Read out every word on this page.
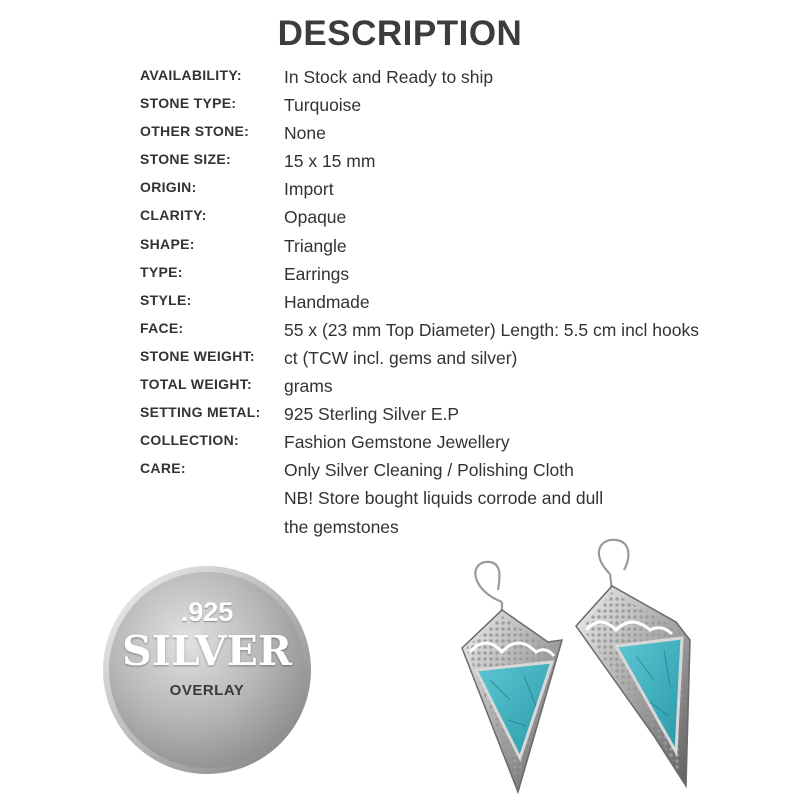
DESCRIPTION
AVAILABILITY: In Stock and Ready to ship
STONE TYPE:	Turquoise
OTHER STONE: None
STONE SIZE:	15 x 15 mm
ORIGIN:	Import
CLARITY:	Opaque
SHAPE:	Triangle
TYPE:	Earrings
STYLE:	Handmade
FACE:	55 x (23 mm Top Diameter) Length: 5.5 cm incl hooks
STONE WEIGHT: ct (TCW incl. gems and silver)
TOTAL WEIGHT: grams
SETTING METAL: 925 Sterling Silver E.P
COLLECTION:	Fashion Gemstone Jewellery
CARE:	Only Silver Cleaning / Polishing Cloth
NB! Store bought liquids corrode and dull
the gemstones
.925
SILVER
OVERLAY
